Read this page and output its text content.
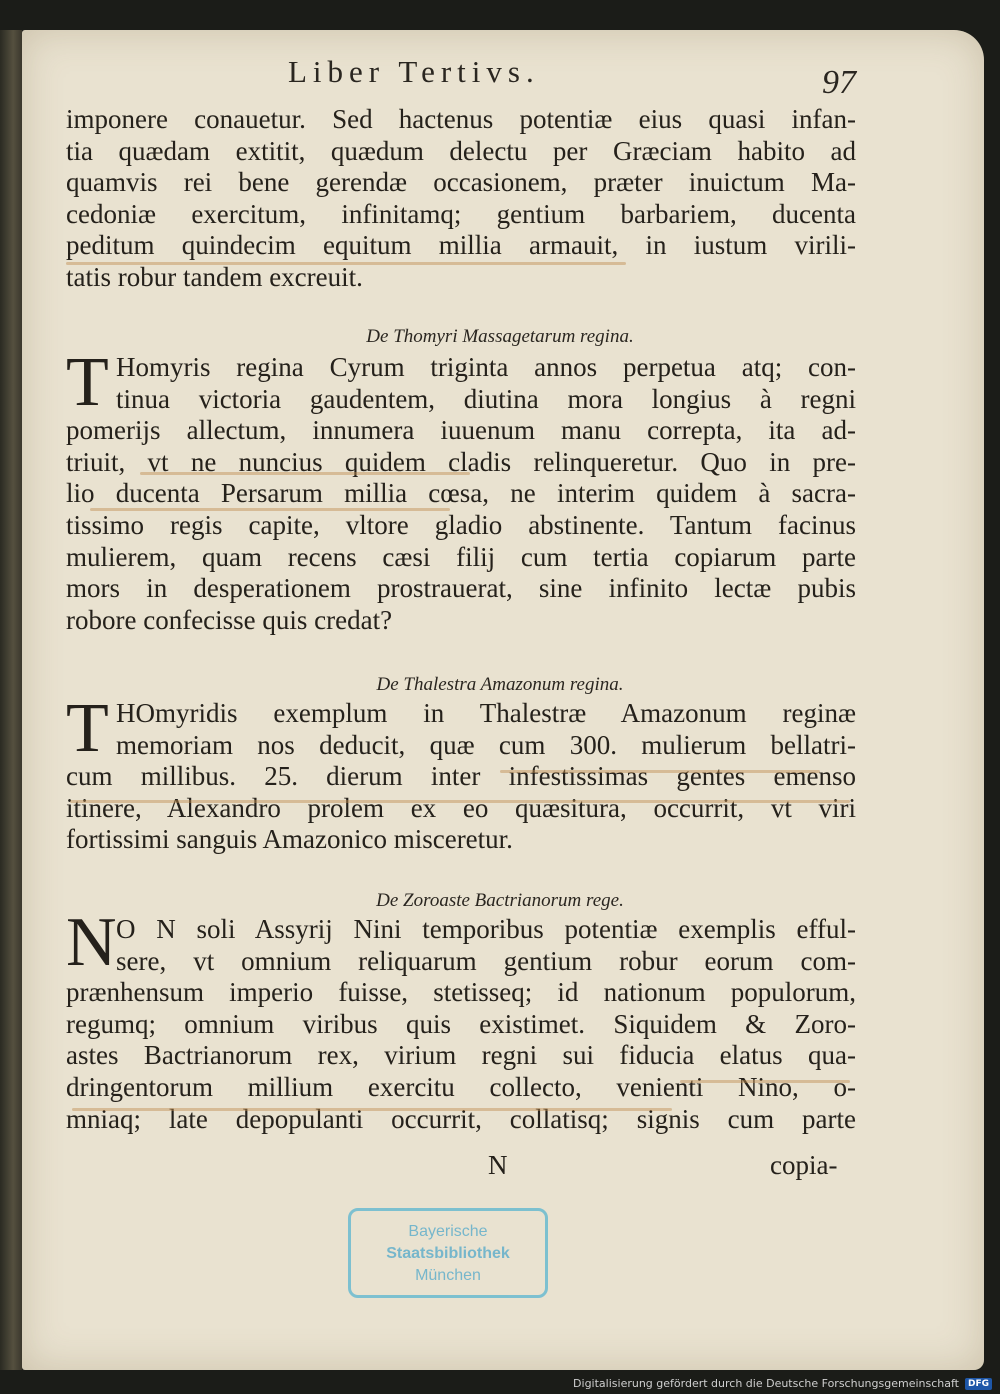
Liber Tertivs.	97
imponere conauetur. Sed hactenus potentiæ eius quasi infan-
tia quædam extitit, quædum delectu per Græciam habito ad
quamvis rei bene gerendæ occasionem, præter inuictum Ma-
cedoniæ exercitum, infinitamq; gentium barbariem, ducenta
peditum quindecim equitum millia armauit, in iustum virili-
tatis robur tandem excreuit.
De Thomyri Massagetarum regina.
T Homyris regina Cyrum triginta annos perpetua atq; con-
tinua victoria gaudentem, diutina mora longius à regni
pomerijs allectum, innumera iuuenum manu correpta, ita ad-
triuit, vt ne nuncius quidem cladis relinqueretur. Quo in pre-
lio ducenta Persarum millia cœsa, ne interim quidem à sacra-
tissimo regis capite, vltore gladio abstinente. Tantum facinus
mulierem, quam recens cæsi filij cum tertia copiarum parte
mors in desperationem prostrauerat, sine infinito lectæ pubis
robore confecisse quis credat?
De Thalestra Amazonum regina.
T HOmyridis exemplum in Thalestræ Amazonum reginæ
memoriam nos deducit, quæ cum 300. mulierum bellatri-
cum millibus. 25. dierum inter infestissimas gentes emenso
itinere, Alexandro prolem ex eo quæsitura, occurrit, vt viri
fortissimi sanguis Amazonico misceretur.
De Zoroaste Bactrianorum rege.
N O N soli Assyrij Nini temporibus potentiæ exemplis efful-
sere, vt omnium reliquarum gentium robur eorum com-
prænhensum imperio fuisse, stetisseq; id nationum populorum,
regumq; omnium viribus quis existimet. Siquidem & Zoro-
astes Bactrianorum rex, virium regni sui fiducia elatus qua-
dringentorum millium exercitu collecto, venienti Nino, o-
mniaq; late depopulanti occurrit, collatisq; signis cum parte
N	copia-
Bayerische
Staatsbibliothek
München
Digitalisierung gefördert durch die Deutsche Forschungsgemeinschaft	DFG
